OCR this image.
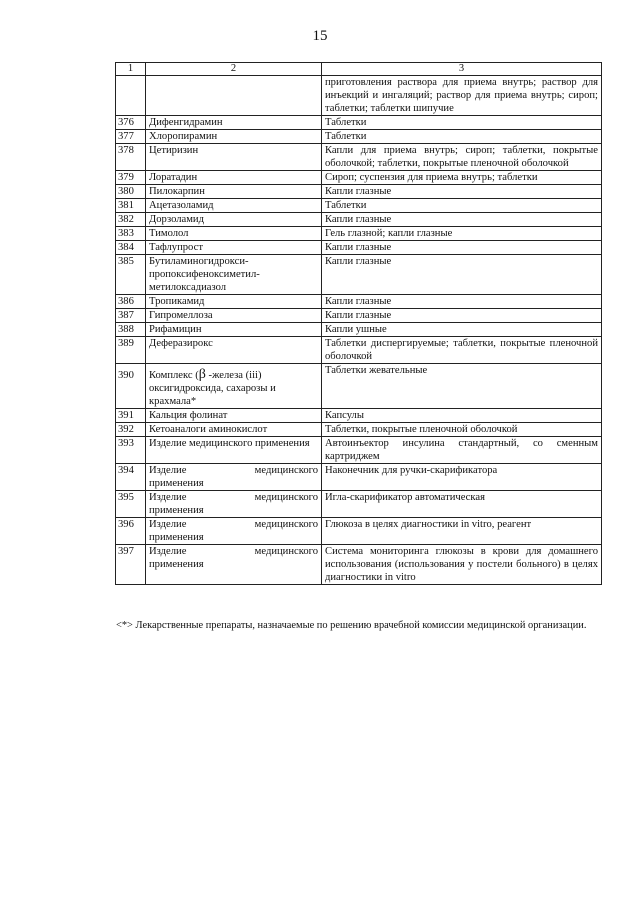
15
1	2	3
		приготовления раствора для приема внутрь; раствор для инъекций и ингаляций; раствор для приема внутрь; сироп; таблетки; таблетки шипучие
376	Дифенгидрамин	Таблетки
377	Хлоропирамин	Таблетки
378	Цетиризин	Капли для приема внутрь; сироп; таблетки, покрытые оболочкой; таблетки, покрытые пленочной оболочкой
379	Лоратадин	Сироп; суспензия для приема внутрь; таблетки
380	Пилокарпин	Капли глазные
381	Ацетазоламид	Таблетки
382	Дорзоламид	Капли глазные
383	Тимолол	Гель глазной; капли глазные
384	Тафлупрост	Капли глазные
385	Бутиламиногидрокси-
пропоксифеноксиметил-
метилоксадиазол	Капли глазные
386	Тропикамид	Капли глазные
387	Гипромеллоза	Капли глазные
388	Рифамицин	Капли ушные
389	Деферазирокс	Таблетки диспергируемые; таблетки, покрытые пленочной оболочкой
390	Комплекс (β -железа (iii)
оксигидроксида, сахарозы и
крахмала*	Таблетки жевательные
391	Кальция фолинат	Капсулы
392	Кетоаналоги аминокислот	Таблетки, покрытые пленочной оболочкой
393	Изделие медицинского применения	Автоинъектор инсулина стандартный, со сменным картриджем
394	Изделие медицинского
применения	Наконечник для ручки-скарификатора
395	Изделие медицинского
применения	Игла-скарификатор автоматическая
396	Изделие медицинского
применения	Глюкоза в целях диагностики in vitro, реагент
397	Изделие медицинского
применения	Система мониторинга глюкозы в крови для домашнего использования (использования у постели больного) в целях диагностики in vitro
<*> Лекарственные препараты, назначаемые по решению врачебной комиссии медицинской организации.
